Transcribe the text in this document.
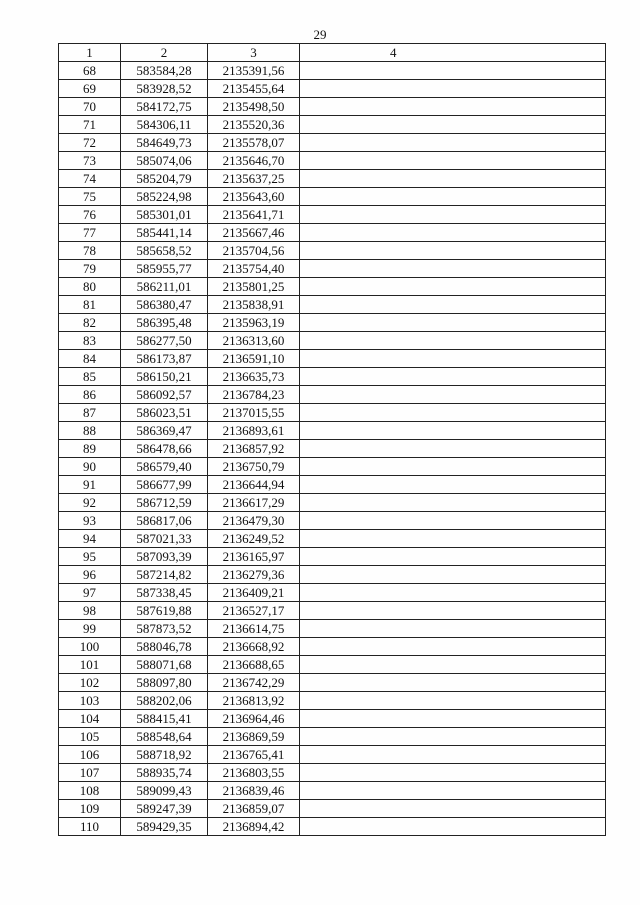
29
1	2	3	4
68	583584,28	2135391,56	
69	583928,52	2135455,64	
70	584172,75	2135498,50	
71	584306,11	2135520,36	
72	584649,73	2135578,07	
73	585074,06	2135646,70	
74	585204,79	2135637,25	
75	585224,98	2135643,60	
76	585301,01	2135641,71	
77	585441,14	2135667,46	
78	585658,52	2135704,56	
79	585955,77	2135754,40	
80	586211,01	2135801,25	
81	586380,47	2135838,91	
82	586395,48	2135963,19	
83	586277,50	2136313,60	
84	586173,87	2136591,10	
85	586150,21	2136635,73	
86	586092,57	2136784,23	
87	586023,51	2137015,55	
88	586369,47	2136893,61	
89	586478,66	2136857,92	
90	586579,40	2136750,79	
91	586677,99	2136644,94	
92	586712,59	2136617,29	
93	586817,06	2136479,30	
94	587021,33	2136249,52	
95	587093,39	2136165,97	
96	587214,82	2136279,36	
97	587338,45	2136409,21	
98	587619,88	2136527,17	
99	587873,52	2136614,75	
100	588046,78	2136668,92	
101	588071,68	2136688,65	
102	588097,80	2136742,29	
103	588202,06	2136813,92	
104	588415,41	2136964,46	
105	588548,64	2136869,59	
106	588718,92	2136765,41	
107	588935,74	2136803,55	
108	589099,43	2136839,46	
109	589247,39	2136859,07	
110	589429,35	2136894,42	
